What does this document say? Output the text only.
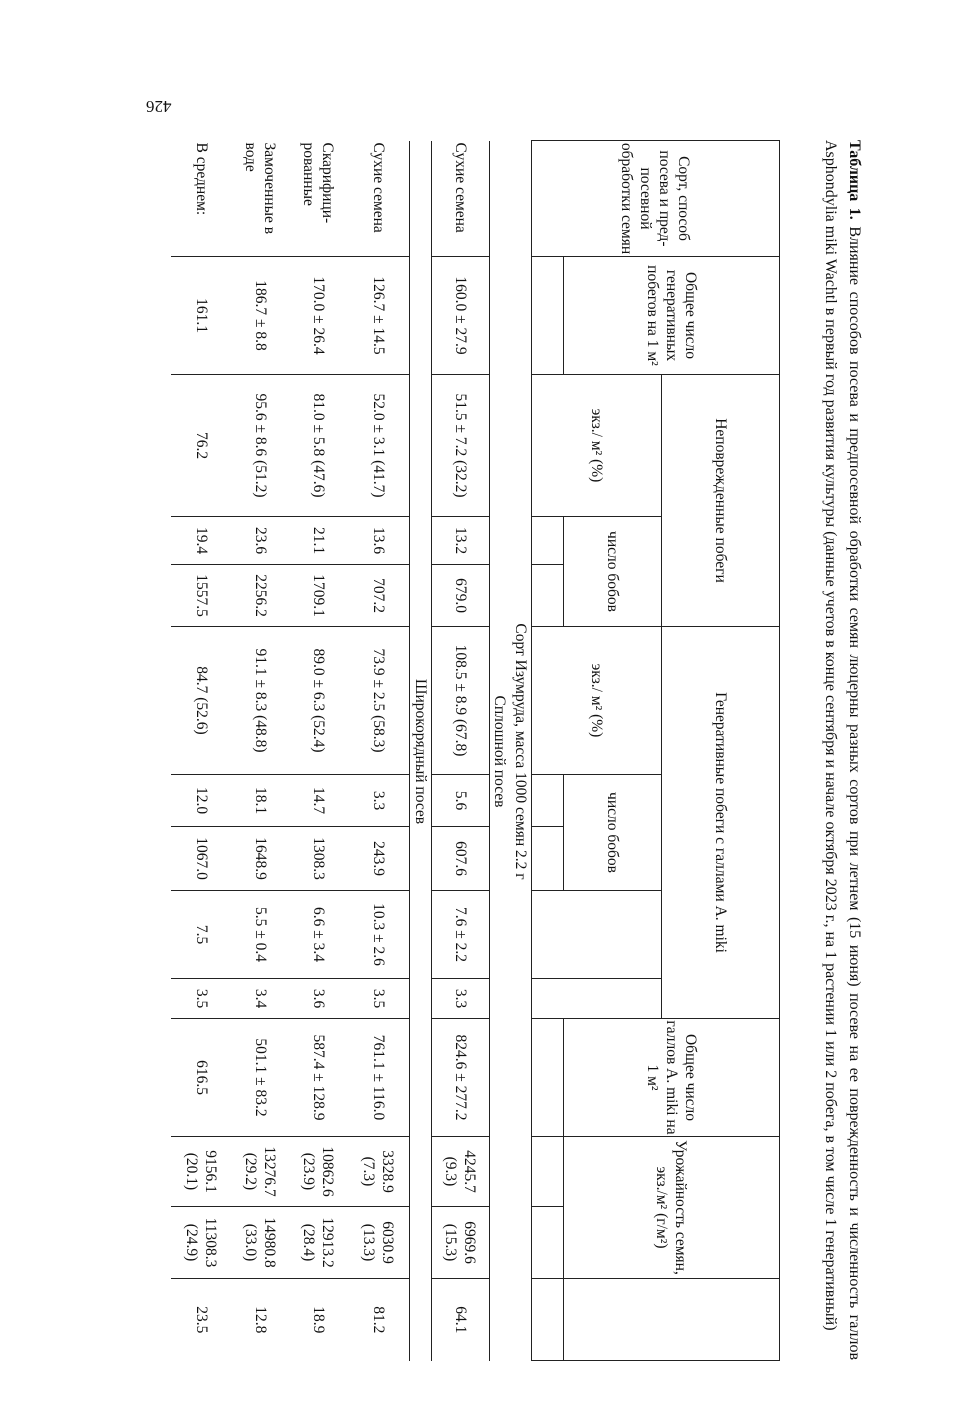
426
Таблица 1. Влияние способов посева и предпосевной обработки семян люцерны разных сортов при летнем (15 июня) посеве на ее поврежденность и численность галлов Asphondylia miki Wachtl в первый год развития культуры (данные учетов в конце сентября и начале октября 2023 г., на 1 растении 1 или 2 побега, в том числе 1 генеративный)
Сорт, способ посева и пред-посевной обработки семян	Общее число генеративных побегов на 1 м²	Неповрежденные побеги			Генеративные побеги с галлами A. miki					Общее число галлов A. miki на 1 м²	Урожайность семян, экз./м² (г/м²)		
		экз./ м² (%)	число бобов		экз./ м² (%)	число бобов							

Сорт Изумруда, масса 1000 семян 2.2 г													
Сплошной посев													
Сухие семена	160.0 ± 27.9	51.5 ± 7.2 (32.2)	13.2	679.0	108.5 ± 8.9 (67.8)	5.6	607.6	7.6 ± 2.2	3.3	824.6 ± 277.2	4245.7 (9.3)	6969.6 (15.3)	64.1
Широкорядный посев													
Сухие семена	126.7 ± 14.5	52.0 ± 3.1 (41.7)	13.6	707.2	73.9 ± 2.5 (58.3)	3.3	243.9	10.3 ± 2.6	3.5	761.1 ± 116.0	3328.9 (7.3)	6030.9 (13.3)	81.2
Скарифици-рованные	170.0 ± 26.4	81.0 ± 5.8 (47.6)	21.1	1709.1	89.0 ± 6.3 (52.4)	14.7	1308.3	6.6 ± 3.4	3.6	587.4 ± 128.9	10862.6 (23.9)	12913.2 (28.4)	18.9
Замоченные в воде	186.7 ± 8.8	95.6 ± 8.6 (51.2)	23.6	2256.2	91.1 ± 8.3 (48.8)	18.1	1648.9	5.5 ± 0.4	3.4	501.1 ± 83.2	13276.7 (29.2)	14980.8 (33.0)	12.8
В среднем:	161.1	76.2	19.4	1557.5	84.7 (52.6)	12.0	1067.0	7.5	3.5	616.5	9156.1 (20.1)	11308.3 (24.9)	23.5
